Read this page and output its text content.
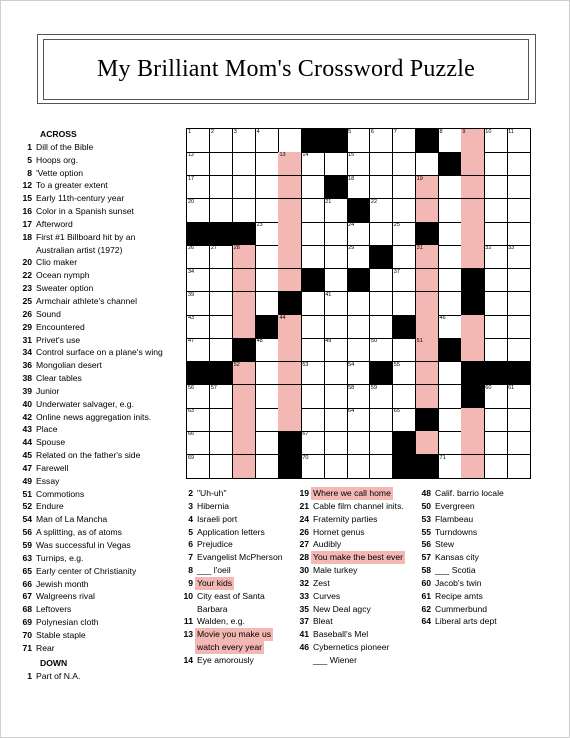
My Brilliant Mom's Crossword Puzzle
ACROSS
1 Dill of the Bible
5 Hoops org.
8 'Vette option
12 To a greater extent
15 Early 11th-century year
16 Color in a Spanish sunset
17 Afterword
18 First #1 Billboard hit by an
Australian artist (1972)
20 Clio maker
22 Ocean nymph
23 Sweater option
25 Armchair athlete's channel
26 Sound
29 Encountered
31 Privet's use
34 Control surface on a plane's wing
36 Mongolian desert
38 Clear tables
39 Junior
40 Underwater salvager, e.g.
42 Online news aggregation inits.
43 Place
44 Spouse
45 Related on the father's side
47 Farewell
49 Essay
51 Commotions
52 Endure
54 Man of La Mancha
56 A splitting, as of atoms
59 Was successful in Vegas
63 Turnips, e.g.
65 Early center of Christianity
66 Jewish month
67 Walgreens rival
68 Leftovers
69 Polynesian cloth
70 Stable staple
71 Rear
DOWN
1 Part of N.A.
2 "Uh-uh"
3 Hibernia
4 Israeli port
5 Application letters
6 Prejudice
7 Evangelist McPherson
8 ___ l'oeil
9 Your kids
10 City east of Santa
Barbara
11 Walden, e.g.
13 Movie you make us
watch every year
14 Eye amorously
19 Where we call home
21 Cable film channel inits.
24 Fraternity parties
26 Hornet genus
27 Audibly
28 You make the best ever
30 Male turkey
32 Zest
33 Curves
35 New Deal agcy
37 Bleat
41 Baseball's Mel
46 Cybernetics pioneer
___ Wiener
48 Calif. barrio locale
50 Evergreen
53 Flambeau
55 Turndowns
56 Stew
57 Kansas city
58 ___ Scotia
60 Jacob's twin
61 Recipe amts
62 Cummerbund
64 Liberal arts dept
1	2	3	4	5	6	7	8	9	10	11
12	13	14	15
17	18	19
20	21	22
23	24	25
26	27	28	29	31	32	33
34	37
39	41
43	44	46
47	48	49	50	51
52	53	54	55
56	57	58	59	60	61
63	64	65
66	67
69	70	71
